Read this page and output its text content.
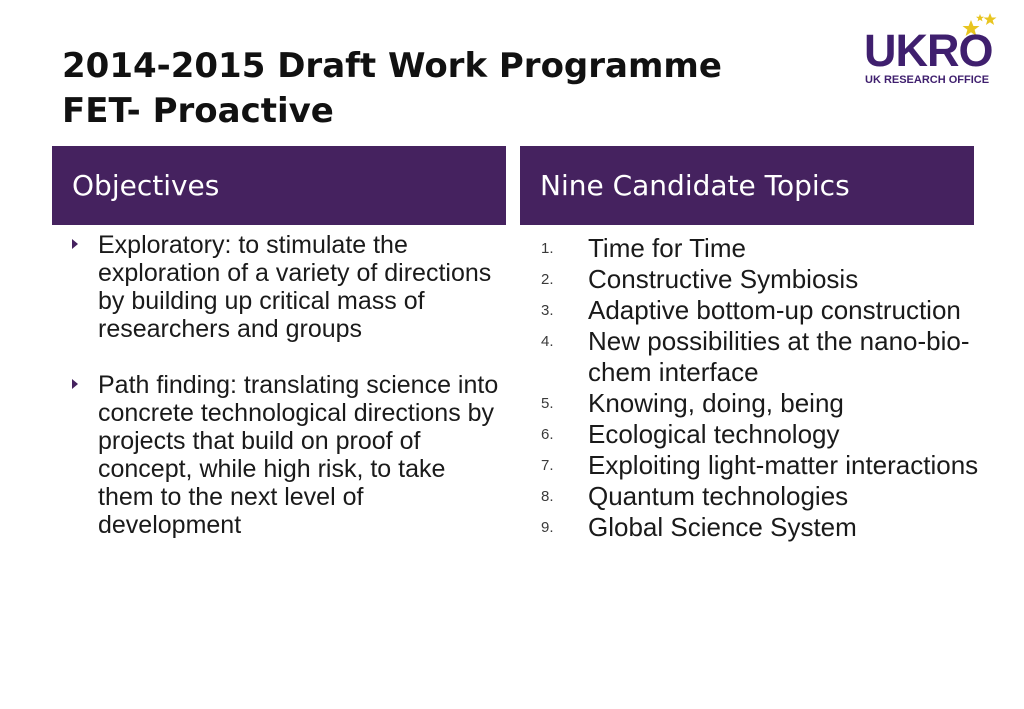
2014-2015 Draft Work Programme
FET- Proactive
UKRO
UK RESEARCH OFFICE
Objectives	Nine Candidate Topics
Exploratory: to stimulate the exploration of a variety of directions by building up critical mass of researchers and groups
Path finding: translating science into concrete technological directions by projects that build on proof of concept, while high risk, to take them to the next level of development
1. Time for Time
2. Constructive Symbiosis
3. Adaptive bottom-up construction
4. New possibilities at the nano-bio-chem interface
5. Knowing, doing, being
6. Ecological technology
7. Exploiting light-matter interactions
8. Quantum technologies
9. Global Science System
